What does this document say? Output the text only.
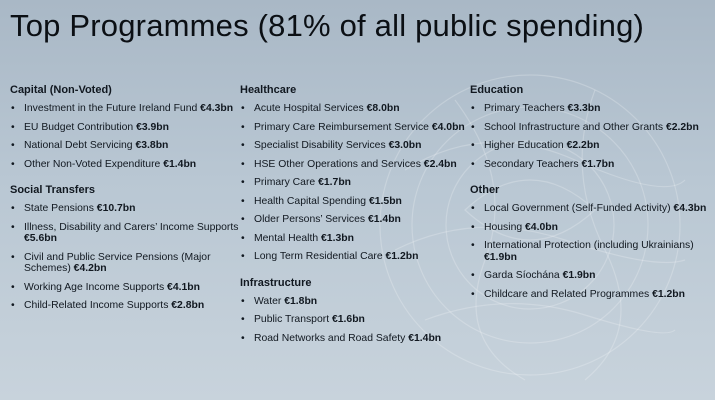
Top Programmes (81% of all public spending)
Capital (Non-Voted)
• Investment in the Future Ireland Fund €4.3bn
• EU Budget Contribution €3.9bn
• National Debt Servicing €3.8bn
• Other Non-Voted Expenditure €1.4bn
Social Transfers
• State Pensions €10.7bn
• Illness, Disability and Carers’ Income Supports €5.6bn
• Civil and Public Service Pensions (Major Schemes) €4.2bn
• Working Age Income Supports €4.1bn
• Child-Related Income Supports €2.8bn
Healthcare
• Acute Hospital Services €8.0bn
• Primary Care Reimbursement Service €4.0bn
• Specialist Disability Services €3.0bn
• HSE Other Operations and Services €2.4bn
• Primary Care €1.7bn
• Health Capital Spending €1.5bn
• Older Persons’ Services €1.4bn
• Mental Health €1.3bn
• Long Term Residential Care €1.2bn
Infrastructure
• Water €1.8bn
• Public Transport €1.6bn
• Road Networks and Road Safety €1.4bn
Education
• Primary Teachers €3.3bn
• School Infrastructure and Other Grants €2.2bn
• Higher Education €2.2bn
• Secondary Teachers €1.7bn
Other
• Local Government (Self-Funded Activity) €4.3bn
• Housing €4.0bn
• International Protection (including Ukrainians) €1.9bn
• Garda Síochána €1.9bn
• Childcare and Related Programmes €1.2bn
